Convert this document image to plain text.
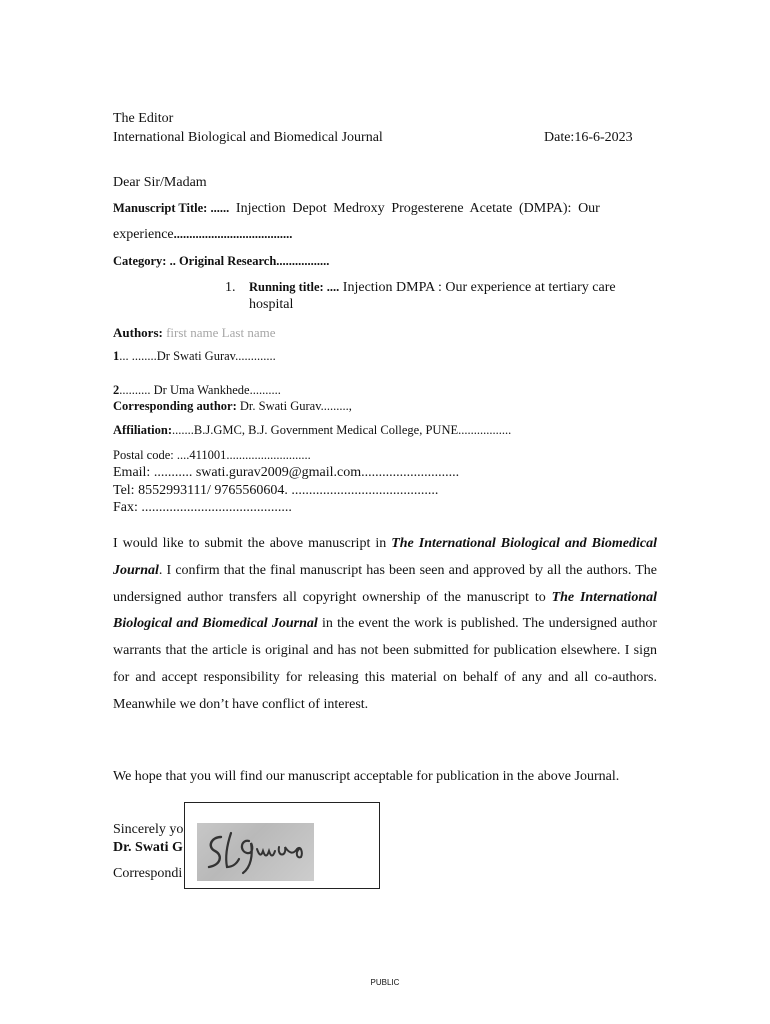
The Editor
International Biological and Biomedical Journal	Date:16-6-2023
Dear Sir/Madam
Manuscript Title: ...... Injection Depot Medroxy Progesterene Acetate (DMPA): Our
experience......................................
Category: .. Original Research.................
1. Running title: .... Injection DMPA : Our experience at tertiary care
hospital
Authors: first name Last name
1... ........Dr Swati Gurav.............
2.......... Dr Uma Wankhede..........
Corresponding author: Dr. Swati Gurav.........,
Affiliation:.......B.J.GMC, B.J. Government Medical College, PUNE.................
Postal code: ....411001...........................
Email: ........... swati.gurav2009@gmail.com............................
Tel: 8552993111/ 9765560604. ..........................................
Fax: ...........................................

I would like to submit the above manuscript in The International Biological and Biomedical Journal. I confirm that the final manuscript has been seen and approved by all the authors. The undersigned author transfers all copyright ownership of the manuscript to The International Biological and Biomedical Journal in the event the work is published. The undersigned author warrants that the article is original and has not been submitted for publication elsewhere. I sign for and accept responsibility for releasing this material on behalf of any and all co-authors. Meanwhile we don’t have conflict of interest.

We hope that you will find our manuscript acceptable for publication in the above Journal.

Sincerely yo
Dr. Swati G
Correspondi
PUBLIC
